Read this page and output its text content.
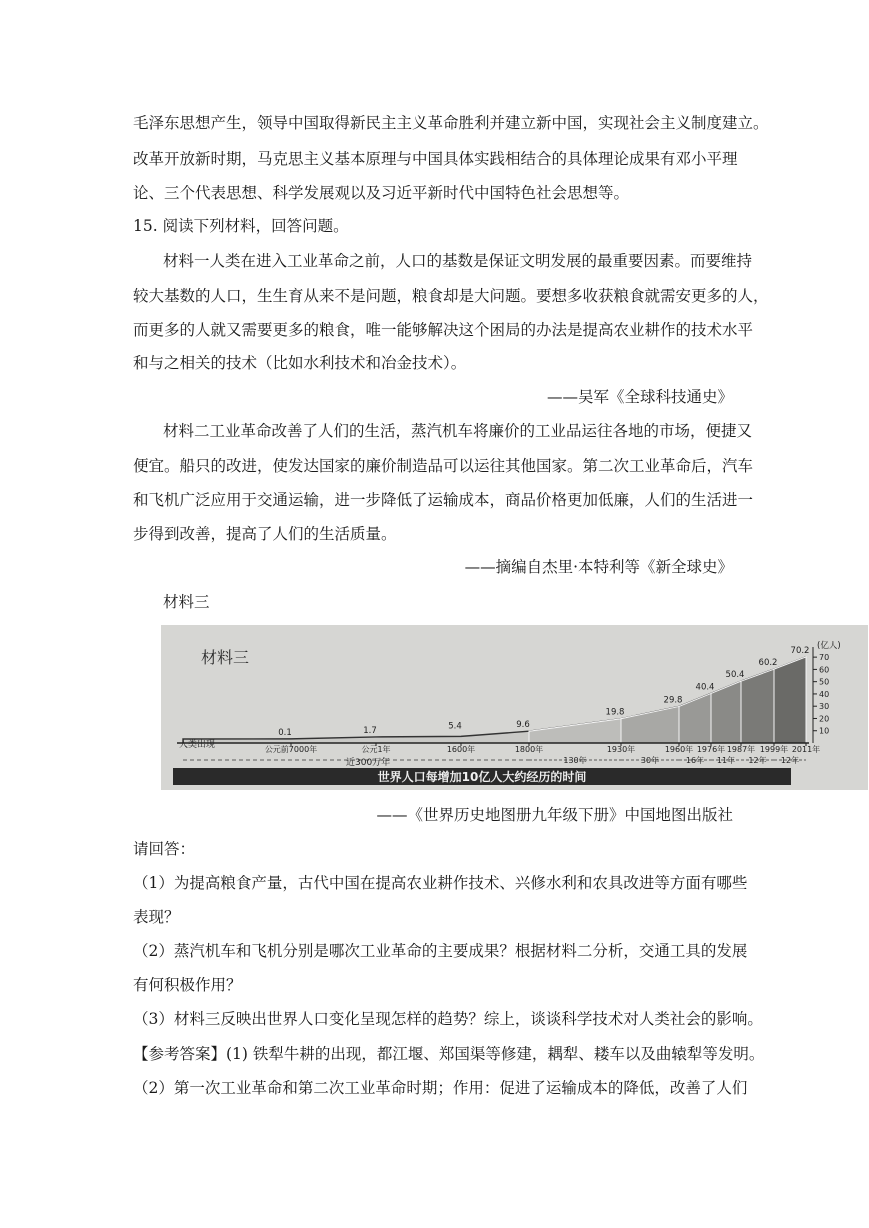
毛泽东思想产生，领导中国取得新民主主义革命胜利并建立新中国，实现社会主义制度建立。
改革开放新时期，马克思主义基本原理与中国具体实践相结合的具体理论成果有邓小平理
论、三个代表思想、科学发展观以及习近平新时代中国特色社会思想等。
15. 阅读下列材料，回答问题。
材料一人类在进入工业革命之前，人口的基数是保证文明发展的最重要因素。而要维持
较大基数的人口，生生育从来不是问题，粮食却是大问题。要想多收获粮食就需安更多的人，
而更多的人就又需要更多的粮食，唯一能够解决这个困局的办法是提高农业耕作的技术水平
和与之相关的技术（比如水利技术和冶金技术）。
——吴军《全球科技通史》
材料二工业革命改善了人们的生活，蒸汽机车将廉价的工业品运往各地的市场，便捷又
便宜。船只的改进，使发达国家的廉价制造品可以运往其他国家。第二次工业革命后，汽车
和飞机广泛应用于交通运输，进一步降低了运输成本，商品价格更加低廉，人们的生活进一
步得到改善，提高了人们的生活质量。
——摘编自杰里·本特利等《新全球史》
材料三
材料三
0.1
公元前7000年
1.7
公元1年
5.4
1600年
9.6
1800年
19.8
1930年
29.8
1960年
40.4
1976年
50.4
1987年
60.2
1999年
70.2
2011年
130年	30年	16年 11年 12年 12年
10
20
30
40
50
60
70
世界人口每增加10亿人大约经历的时间
人类出现
近300万年
(亿人)
——《世界历史地图册九年级下册》中国地图出版社
请回答：
（1）为提高粮食产量，古代中国在提高农业耕作技术、兴修水利和农具改进等方面有哪些
表现？
（2）蒸汽机车和飞机分别是哪次工业革命的主要成果？根据材料二分析，交通工具的发展
有何积极作用？
（3）材料三反映出世界人口变化呈现怎样的趋势？综上，谈谈科学技术对人类社会的影响。
【参考答案】(1) 铁犁牛耕的出现，都江堰、郑国渠等修建，耦犁、耧车以及曲辕犁等发明。
（2）第一次工业革命和第二次工业革命时期；作用：促进了运输成本的降低，改善了人们
